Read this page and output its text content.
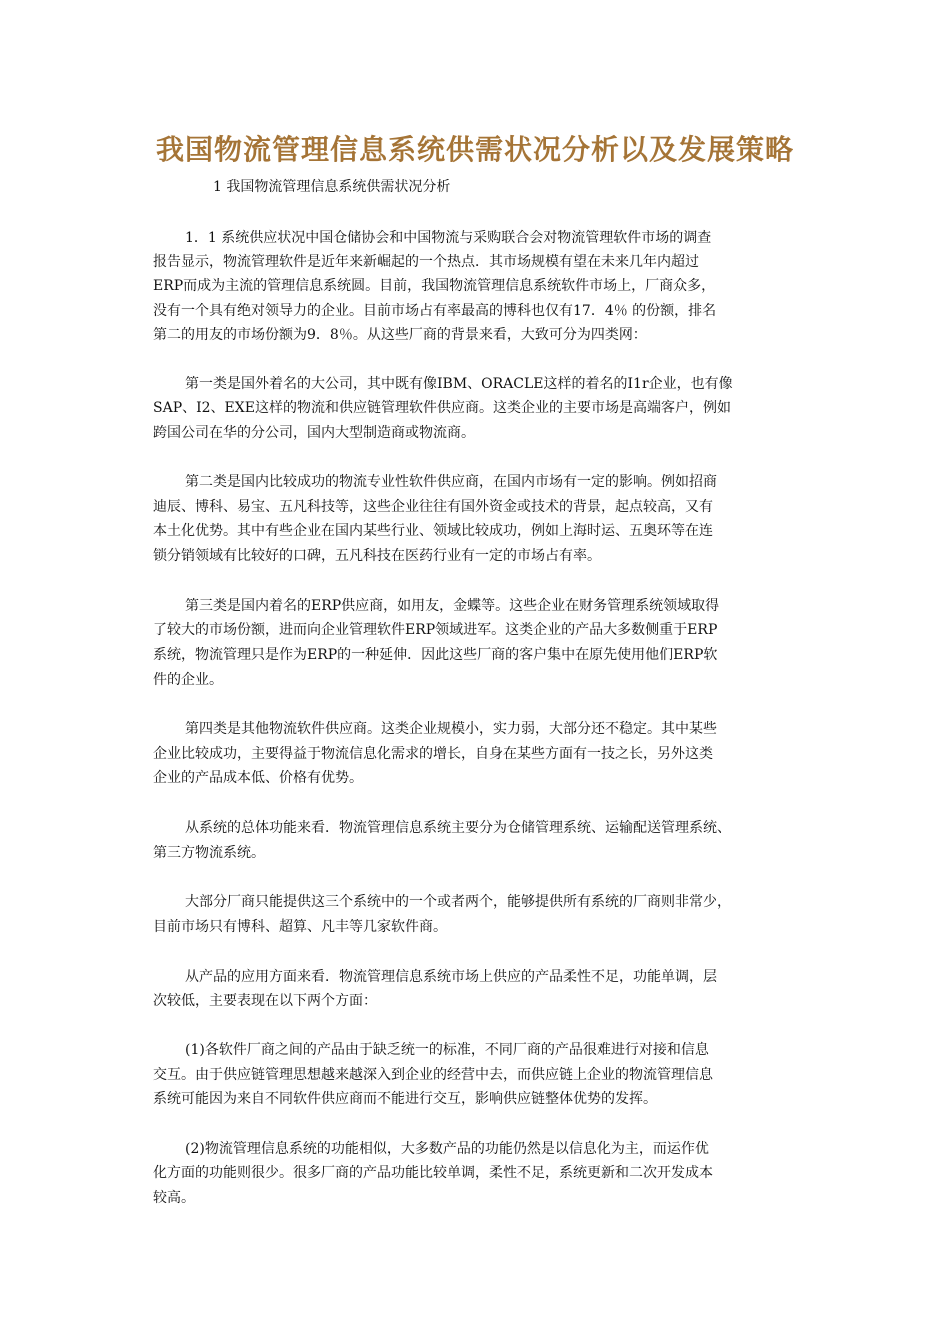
我国物流管理信息系统供需状况分析以及发展策略
1 我国物流管理信息系统供需状况分析
1．1 系统供应状况中国仓储协会和中国物流与采购联合会对物流管理软件市场的调查
报告显示，物流管理软件是近年来新崛起的一个热点．其市场规模有望在未来几年内超过
ERP而成为主流的管理信息系统圆。目前，我国物流管理信息系统软件市场上，厂商众多，
没有一个具有绝对领导力的企业。目前市场占有率最高的博科也仅有17．4％ 的份额，排名
第二的用友的市场份额为9．8％。从这些厂商的背景来看，大致可分为四类网：
第一类是国外着名的大公司，其中既有像IBM、ORACLE这样的着名的I1r企业，也有像
SAP、I2、EXE这样的物流和供应链管理软件供应商。这类企业的主要市场是高端客户，例如
跨国公司在华的分公司，国内大型制造商或物流商。
第二类是国内比较成功的物流专业性软件供应商，在国内市场有一定的影响。例如招商
迪辰、博科、易宝、五凡科技等，这些企业往往有国外资金或技术的背景，起点较高，又有
本土化优势。其中有些企业在国内某些行业、领域比较成功，例如上海时运、五奥环等在连
锁分销领域有比较好的口碑，五凡科技在医药行业有一定的市场占有率。
第三类是国内着名的ERP供应商，如用友，金蝶等。这些企业在财务管理系统领域取得
了较大的市场份额，进而向企业管理软件ERP领域进军。这类企业的产品大多数侧重于ERP
系统，物流管理只是作为ERP的一种延伸．因此这些厂商的客户集中在原先使用他们ERP软
件的企业。
第四类是其他物流软件供应商。这类企业规模小，实力弱，大部分还不稳定。其中某些
企业比较成功，主要得益于物流信息化需求的增长，自身在某些方面有一技之长，另外这类
企业的产品成本低、价格有优势。
从系统的总体功能来看．物流管理信息系统主要分为仓储管理系统、运输配送管理系统、
第三方物流系统。
大部分厂商只能提供这三个系统中的一个或者两个，能够提供所有系统的厂商则非常少，
目前市场只有博科、超算、凡丰等几家软件商。
从产品的应用方面来看．物流管理信息系统市场上供应的产品柔性不足，功能单调，层
次较低，主要表现在以下两个方面：
(1)各软件厂商之间的产品由于缺乏统一的标准，不同厂商的产品很难进行对接和信息
交互。由于供应链管理思想越来越深入到企业的经营中去，而供应链上企业的物流管理信息
系统可能因为来自不同软件供应商而不能进行交互，影响供应链整体优势的发挥。
(2)物流管理信息系统的功能相似，大多数产品的功能仍然是以信息化为主，而运作优
化方面的功能则很少。很多厂商的产品功能比较单调，柔性不足，系统更新和二次开发成本
较高。
